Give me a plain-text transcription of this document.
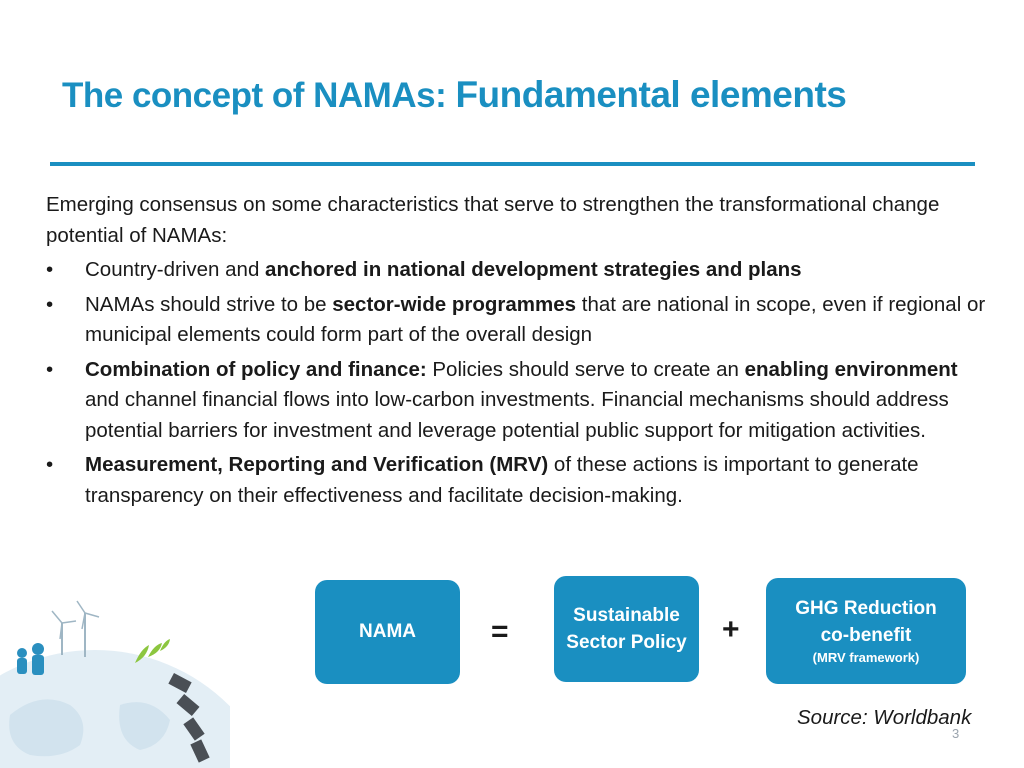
The concept of NAMAs: Fundamental elements

Emerging consensus on some characteristics that serve to strengthen the transformational change potential of NAMAs:

•	Country-driven and anchored in national development strategies and plans
•	NAMAs should strive to be sector-wide programmes that are national in scope, even if regional or municipal elements could form part of the overall design
•	Combination of policy and finance: Policies should serve to create an enabling environment and channel financial flows into low-carbon investments. Financial mechanisms should address potential barriers for investment and leverage potential public support for mitigation activities.
•	Measurement, Reporting and Verification (MRV) of these actions is important to generate transparency on their effectiveness and facilitate decision-making.
NAMA	=	Sustainable
Sector Policy +
GHG Reduction
co-benefit
(MRV framework)
Source: Worldbank
3
